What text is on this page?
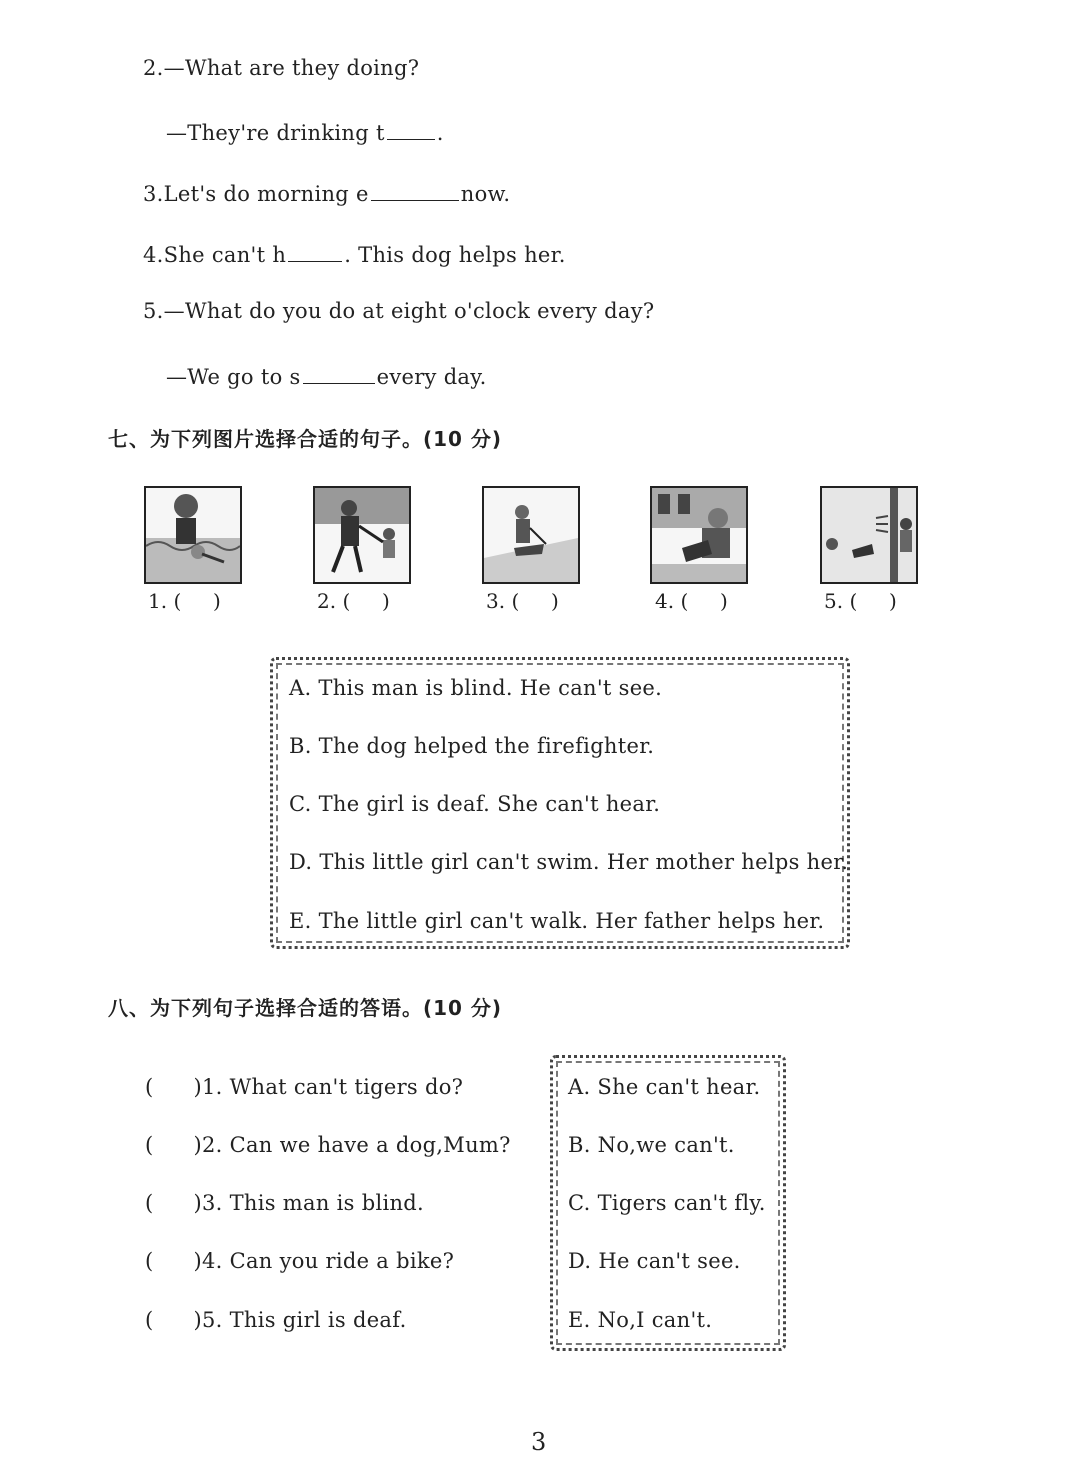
2.—What are they doing?
—They're drinking t .
3.Let's do morning e	now.
4.She can't h	. This dog helps her.
5.—What do you do at eight o'clock every day?
—We go to s	every day.
七、为下列图片选择合适的句子。(10 分)
1. ( )	2. ( )	3. ( )	4. ( )	5. ( )
A. This man is blind. He can't see.
B. The dog helped the firefighter.
C. The girl is deaf. She can't hear.
D. This little girl can't swim. Her mother helps her.
E. The little girl can't walk. Her father helps her.
八、为下列句子选择合适的答语。(10 分)
( )1. What can't tigers do?
( )2. Can we have a dog,Mum?
( )3. This man is blind.
( )4. Can you ride a bike?
( )5. This girl is deaf.
A. She can't hear.
B. No,we can't.
C. Tigers can't fly.
D. He can't see.
E. No,I can't.
3
